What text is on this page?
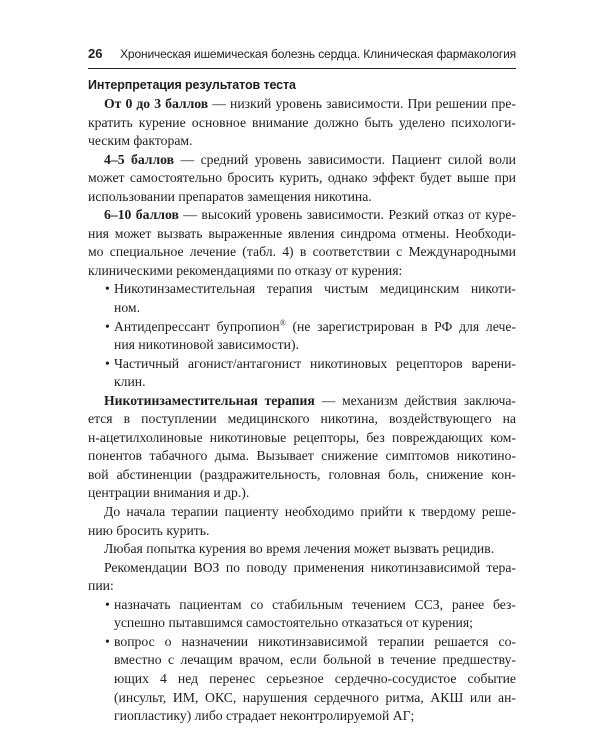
26 Хроническая ишемическая болезнь сердца. Клиническая фармакология
Интерпретация результатов теста
От 0 до 3 баллов — низкий уровень зависимости. При решении пре-
кратить курение основное внимание должно быть уделено психологи-
ческим факторам.
4–5 баллов — средний уровень зависимости. Пациент силой воли
может самостоятельно бросить курить, однако эффект будет выше при
использовании препаратов замещения никотина.
6–10 баллов — высокий уровень зависимости. Резкий отказ от куре-
ния может вызвать выраженные явления синдрома отмены. Необходи-
мо специальное лечение (табл. 4) в соответствии с Международными
клиническими рекомендациями по отказу от курения:
• Никотинзаместительная терапия чистым медицинским никоти-
ном.
• Антидепрессант бупропион® (не зарегистрирован в РФ для лече-
ния никотиновой зависимости).
• Частичный агонист/антагонист никотиновых рецепторов варени-
клин.
Никотинзаместительная терапия — механизм действия заключа-
ется в поступлении медицинского никотина, воздействующего на
н-ацетилхолиновые никотиновые рецепторы, без повреждающих ком-
понентов табачного дыма. Вызывает снижение симптомов никотино-
вой абстиненции (раздражительность, головная боль, снижение кон-
центрации внимания и др.).
До начала терапии пациенту необходимо прийти к твердому реше-
нию бросить курить.
Любая попытка курения во время лечения может вызвать рецидив.
Рекомендации ВОЗ по поводу применения никотинзависимой тера-
пии:
• назначать пациентам со стабильным течением ССЗ, ранее без-
успешно пытавшимся самостоятельно отказаться от курения;
• вопрос о назначении никотинзависимой терапии решается со-
вместно с лечащим врачом, если больной в течение предшеству-
ющих 4 нед перенес серьезное сердечно-сосудистое событие
(инсульт, ИМ, ОКС, нарушения сердечного ритма, АКШ или ан-
гиопластику) либо страдает неконтролируемой АГ;
